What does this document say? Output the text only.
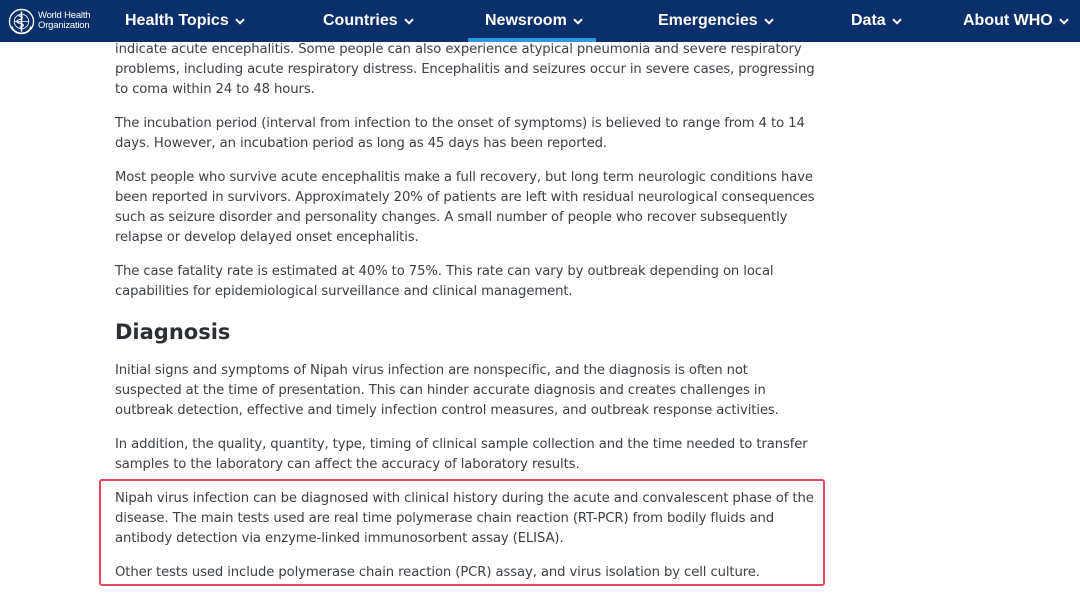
World Health
Organization Health Topics	Countries	Newsroom	Emergencies	Data	About WHO

indicate acute encephalitis. Some people can also experience atypical pneumonia and severe respiratory problems, including acute respiratory distress. Encephalitis and seizures occur in severe cases, progressing to coma within 24 to 48 hours.

The incubation period (interval from infection to the onset of symptoms) is believed to range from 4 to 14 days. However, an incubation period as long as 45 days has been reported.

Most people who survive acute encephalitis make a full recovery, but long term neurologic conditions have been reported in survivors. Approximately 20% of patients are left with residual neurological consequences such as seizure disorder and personality changes. A small number of people who recover subsequently relapse or develop delayed onset encephalitis.

The case fatality rate is estimated at 40% to 75%. This rate can vary by outbreak depending on local capabilities for epidemiological surveillance and clinical management.

Diagnosis

Initial signs and symptoms of Nipah virus infection are nonspecific, and the diagnosis is often not suspected at the time of presentation. This can hinder accurate diagnosis and creates challenges in outbreak detection, effective and timely infection control measures, and outbreak response activities.

In addition, the quality, quantity, type, timing of clinical sample collection and the time needed to transfer samples to the laboratory can affect the accuracy of laboratory results.

Nipah virus infection can be diagnosed with clinical history during the acute and convalescent phase of the disease. The main tests used are real time polymerase chain reaction (RT-PCR) from bodily fluids and antibody detection via enzyme-linked immunosorbent assay (ELISA).

Other tests used include polymerase chain reaction (PCR) assay, and virus isolation by cell culture.
